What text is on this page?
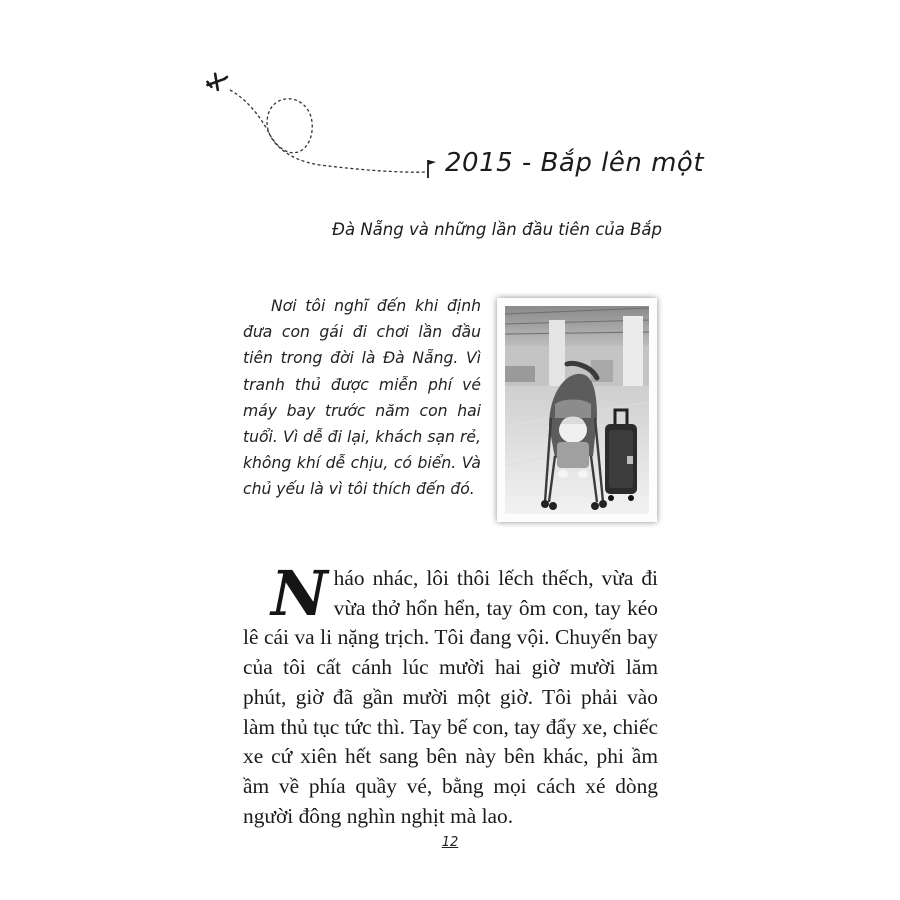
2015 - Bắp lên một
Đà Nẵng và những lần đầu tiên của Bắp

Nơi tôi nghĩ đến khi định đưa con gái đi chơi lần đầu tiên trong đời là Đà Nẵng. Vì tranh thủ được miễn phí vé máy bay trước năm con hai tuổi. Vì dễ đi lại, khách sạn rẻ, không khí dễ chịu, có biển. Và chủ yếu là vì tôi thích đến đó.

Nháo nhác, lôi thôi lếch thếch, vừa đi vừa thở hổn hển, tay ôm con, tay kéo lê cái va li nặng trịch. Tôi đang vội. Chuyến bay của tôi cất cánh lúc mười hai giờ mười lăm phút, giờ đã gần mười một giờ. Tôi phải vào làm thủ tục tức thì. Tay bế con, tay đẩy xe, chiếc xe cứ xiên hết sang bên này bên khác, phi ầm ầm về phía quầy vé, bằng mọi cách xé dòng người đông nghìn nghịt mà lao.
12
